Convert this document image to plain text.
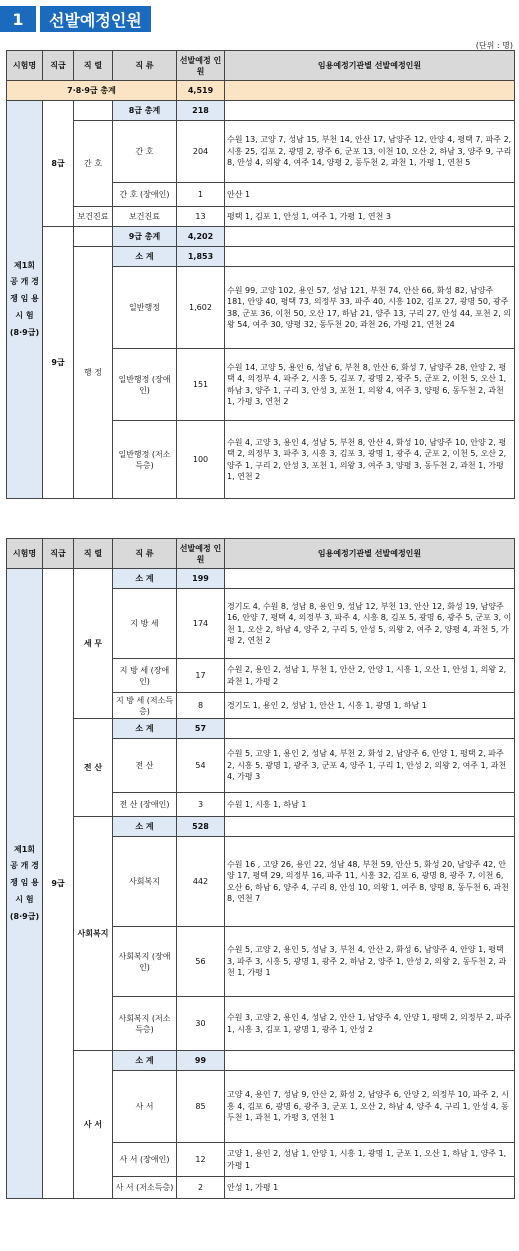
1	선발예정인원
(단위 : 명)
시험명	직급	직 렬	직 류	선발예정 인 원	임용예정기관별 선발예정인원
7·8·9급 총계				4,519	
제1회 공 개 경 쟁 임 용 시 험 (8·9급)	8급		8급 총계	218	
		간 호	간 호	204	수원 13, 고양 7, 성남 15, 부천 14, 안산 17, 남양주 12, 안양 4, 평택 7, 파주 2, 시흥 25, 김포 2, 광명 2, 광주 6, 군포 13, 이천 10, 오산 2, 하남 3, 양주 9, 구리 8, 안성 4, 의왕 4, 여주 14, 양평 2, 동두천 2, 과천 1, 가평 1, 연천 5
			간 호 (장애인)	1	안산 1
		보건진료	보건진료	13	평택 1, 김포 1, 안성 1, 여주 1, 가평 1, 연천 3
	9급		9급 총계	4,202	
		행 정	소 계	1,853	
			일반행정	1,602	수원 99, 고양 102, 용인 57, 성남 121, 부천 74, 안산 66, 화성 82, 남양주 181, 안양 40, 평택 73, 의정부 33, 파주 40, 시흥 102, 김포 27, 광명 50, 광주 38, 군포 36, 이천 50, 오산 17, 하남 21, 양주 13, 구리 27, 안성 44, 포천 2, 의왕 54, 여주 30, 양평 32, 동두천 20, 과천 26, 가평 21, 연천 24
			일반행정 (장애인)	151	수원 14, 고양 5, 용인 6, 성남 6, 부천 8, 안산 6, 화성 7, 남양주 28, 안양 2, 평택 4, 의정부 4, 파주 2, 시흥 5, 김포 7, 광명 2, 광주 5, 군포 2, 이천 5, 오산 1, 하남 3, 양주 1, 구리 3, 안성 3, 포천 1, 의왕 4, 여주 3, 양평 6, 동두천 2, 과천 1, 가평 3, 연천 2
			일반행정 (저소득층)	100	수원 4, 고양 3, 용인 4, 성남 5, 부천 8, 안산 4, 화성 10, 남양주 10, 안양 2, 평택 2, 의정부 3, 파주 3, 시흥 3, 김포 3, 광명 1, 광주 4, 군포 2, 이천 5, 오산 2, 양주 1, 구리 2, 안성 3, 포천 1, 의왕 3, 여주 3, 양평 3, 동두천 2, 과천 1, 가평 1, 연천 2
시험명	직급	직 렬	직 류	선발예정 인 원	임용예정기관별 선발예정인원
제1회 공 개 경 쟁 임 용 시 험 (8·9급)	9급	세 무	소 계	199	
			지 방 세	174	경기도 4, 수원 8, 성남 8, 용인 9, 성남 12, 부천 13, 안산 12, 화성 19, 남양주 16, 안양 7, 평택 4, 의정부 3, 파주 4, 시흥 8, 김포 5, 광명 6, 광주 5, 군포 3, 이천 1, 오산 2, 하남 4, 양주 2, 구리 5, 안성 5, 의왕 2, 여주 2, 양평 4, 과천 5, 가평 2, 연천 2
			지 방 세 (장애인)	17	수원 2, 용인 2, 성남 1, 부천 1, 안산 2, 안양 1, 시흥 1, 오산 1, 안성 1, 의왕 2, 과천 1, 가평 2
			지 방 세 (저소득층)	8	경기도 1, 용인 2, 성남 1, 안산 1, 시흥 1, 광명 1, 하남 1
		전 산	소 계	57	
			전 산	54	수원 5, 고양 1, 용인 2, 성남 4, 부천 2, 화성 2, 남양주 6, 안양 1, 평택 2, 파주 2, 시흥 5, 광명 1, 광주 3, 군포 4, 양주 1, 구리 1, 안성 2, 의왕 2, 여주 1, 과천 4, 가평 3
			전 산 (장애인)	3	수원 1, 시흥 1, 하남 1
		사회복지	소 계	528	
			사회복지	442	수원 16 , 고양 26, 용인 22, 성남 48, 부천 59, 안산 5, 화성 20, 남양주 42, 안양 17, 평택 29, 의정부 16, 파주 11, 시흥 32, 김포 6, 광명 8, 광주 7, 이천 6, 오산 6, 하남 6, 양주 4, 구리 8, 안성 10, 의왕 1, 여주 8, 양평 8, 동두천 6, 과천 8, 연천 7
			사회복지 (장애인)	56	수원 5, 고양 2, 용인 5, 성남 3, 부천 4, 안산 2, 화성 6, 남양주 4, 안양 1, 평택 3, 파주 3, 시흥 5, 광명 1, 광주 2, 하남 2, 양주 1, 안성 2, 의왕 2, 동두천 2, 과천 1, 가평 1
			사회복지 (저소득층)	30	수원 3, 고양 2, 용인 4, 성남 2, 안산 1, 남양주 4, 안양 1, 평택 2, 의정부 2, 파주 1, 시흥 3, 김포 1, 광명 1, 광주 1, 안성 2
		사 서	소 계	99	
			사 서	85	고양 4, 용인 7, 성남 9, 안산 2, 화성 2, 남양주 6, 안양 2, 의정부 10, 파주 2, 시흥 4, 김포 6, 광명 6, 광주 3, 군포 1, 오산 2, 하남 4, 양주 4, 구리 1, 안성 4, 동두천 1, 과천 1, 가평 3, 연천 1
			사 서 (장애인)	12	고양 1, 용인 2, 성남 1, 안양 1, 시흥 1, 광명 1, 군포 1, 오산 1, 하남 1, 양주 1, 가평 1
			사 서 (저소득층)	2	안성 1, 가평 1
